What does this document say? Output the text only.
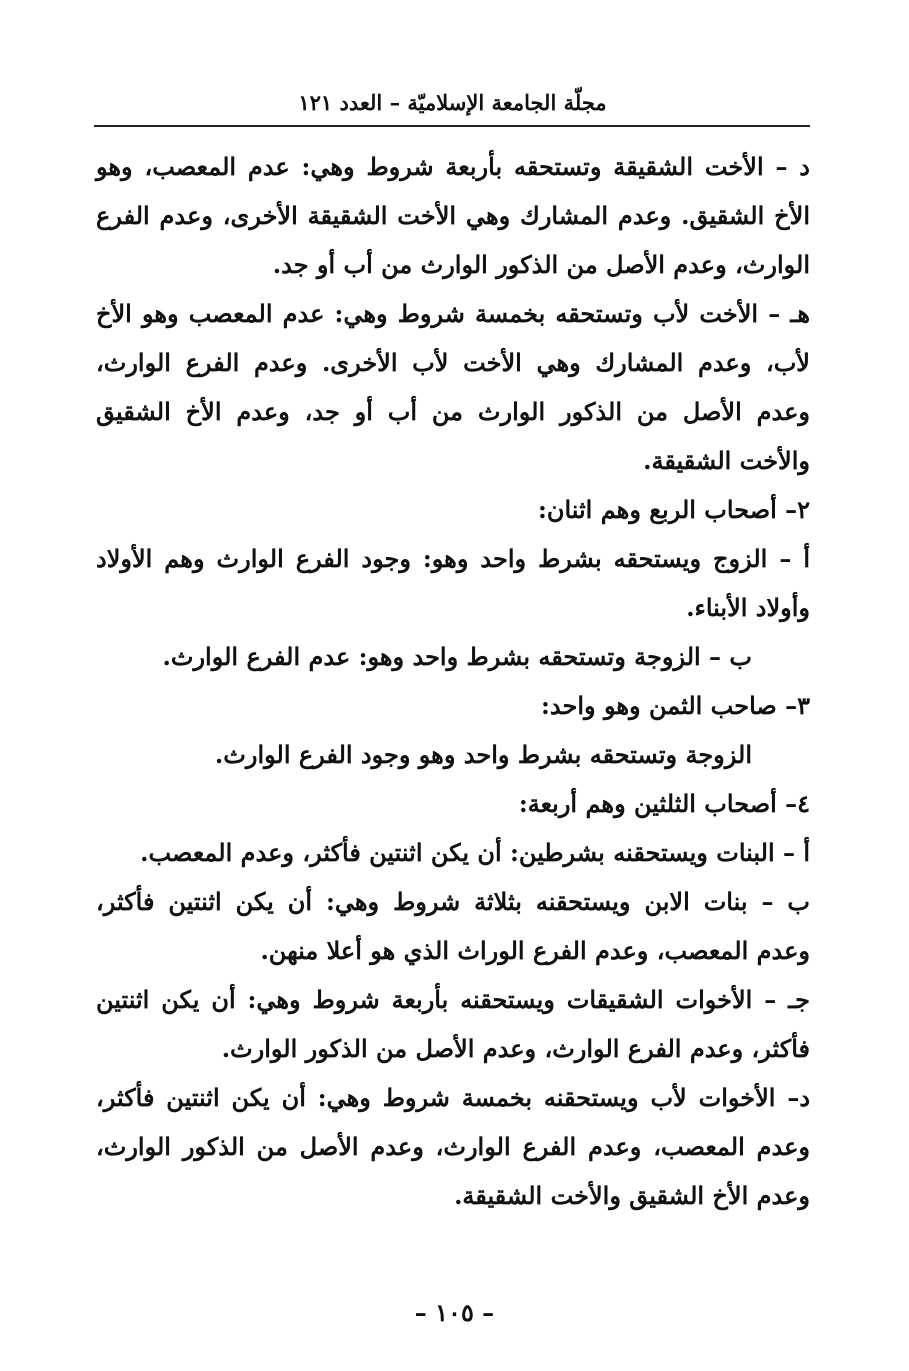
مجلّة الجامعة الإسلاميّة – العدد ١٢١

د – الأخت الشقيقة وتستحقه بأربعة شروط وهي: عدم المعصب، وهو الأخ الشقيق. وعدم المشارك وهي الأخت الشقيقة الأخرى، وعدم الفرع الوارث، وعدم الأصل من الذكور الوارث من أب أو جد.

هـ – الأخت لأب وتستحقه بخمسة شروط وهي: عدم المعصب وهو الأخ لأب، وعدم المشارك وهي الأخت لأب الأخرى. وعدم الفرع الوارث، وعدم الأصل من الذكور الوارث من أب أو جد، وعدم الأخ الشقيق والأخت الشقيقة.

٢– أصحاب الربع وهم اثنان:

أ – الزوج ويستحقه بشرط واحد وهو: وجود الفرع الوارث وهم الأولاد وأولاد الأبناء.

ب – الزوجة وتستحقه بشرط واحد وهو: عدم الفرع الوارث.

٣– صاحب الثمن وهو واحد:

الزوجة وتستحقه بشرط واحد وهو وجود الفرع الوارث.

٤– أصحاب الثلثين وهم أربعة:

أ – البنات ويستحقنه بشرطين: أن يكن اثنتين فأكثر، وعدم المعصب.

ب – بنات الابن ويستحقنه بثلاثة شروط وهي: أن يكن اثنتين فأكثر، وعدم المعصب، وعدم الفرع الوراث الذي هو أعلا منهن.

جـ – الأخوات الشقيقات ويستحقنه بأربعة شروط وهي: أن يكن اثنتين فأكثر، وعدم الفرع الوارث، وعدم الأصل من الذكور الوارث.

د– الأخوات لأب ويستحقنه بخمسة شروط وهي: أن يكن اثنتين فأكثر، وعدم المعصب، وعدم الفرع الوارث، وعدم الأصل من الذكور الوارث، وعدم الأخ الشقيق والأخت الشقيقة.

– ١٠٥ –
